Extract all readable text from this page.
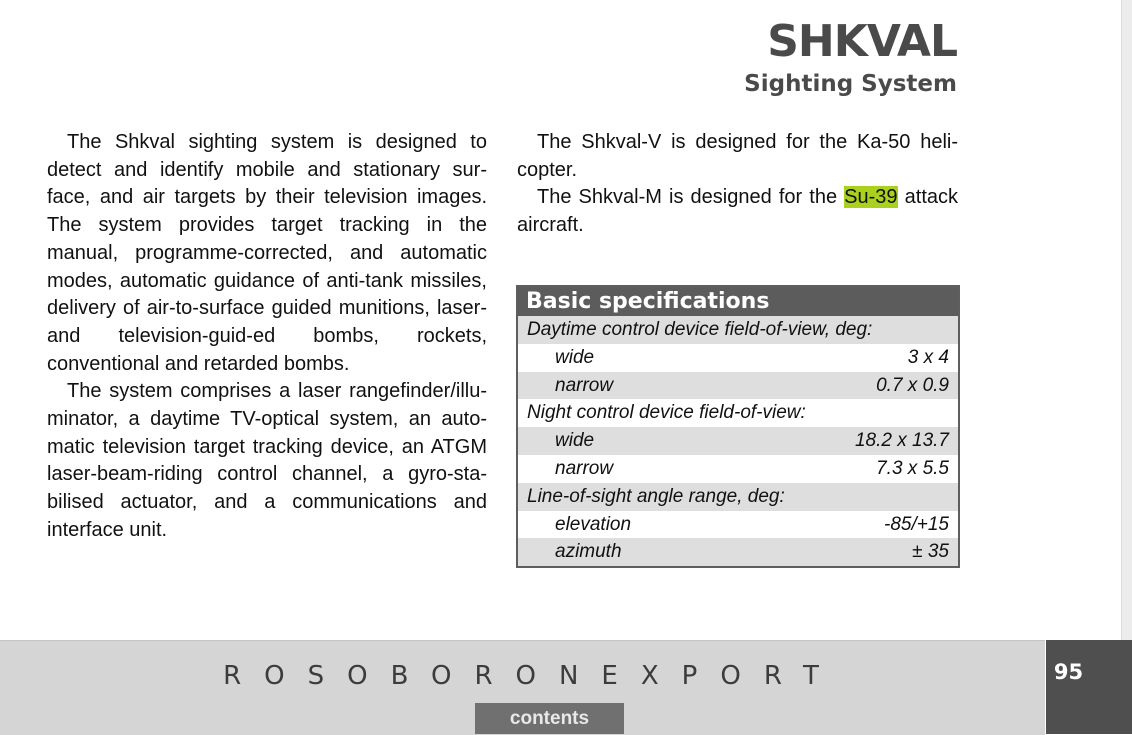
SHKVAL
Sighting System

The Shkval sighting system is designed to detect and identify mobile and stationary sur-face, and air targets by their television images. The system provides target tracking in the manual, programme-corrected, and automatic modes, automatic guidance of anti-tank missiles, delivery of air-to-surface guided munitions, laser- and television-guid-ed bombs, rockets, conventional and retarded bombs.

The system comprises a laser rangefinder/illu-minator, a daytime TV-optical system, an auto-matic television target tracking device, an ATGM laser-beam-riding control channel, a gyro-sta-bilised actuator, and a communications and interface unit.

The Shkval-V is designed for the Ka-50 heli-copter.

The Shkval-M is designed for the Su-39 attack aircraft.

Basic specifications
Daytime control device field-of-view, deg:
wide	3 x 4
narrow	0.7 x 0.9
Night control device field-of-view:
wide	18.2 x 13.7
narrow	7.3 x 5.5
Line-of-sight angle range, deg:
elevation	-85/+15
azimuth	± 35
ROSOBORONEXPORT
contents
95
